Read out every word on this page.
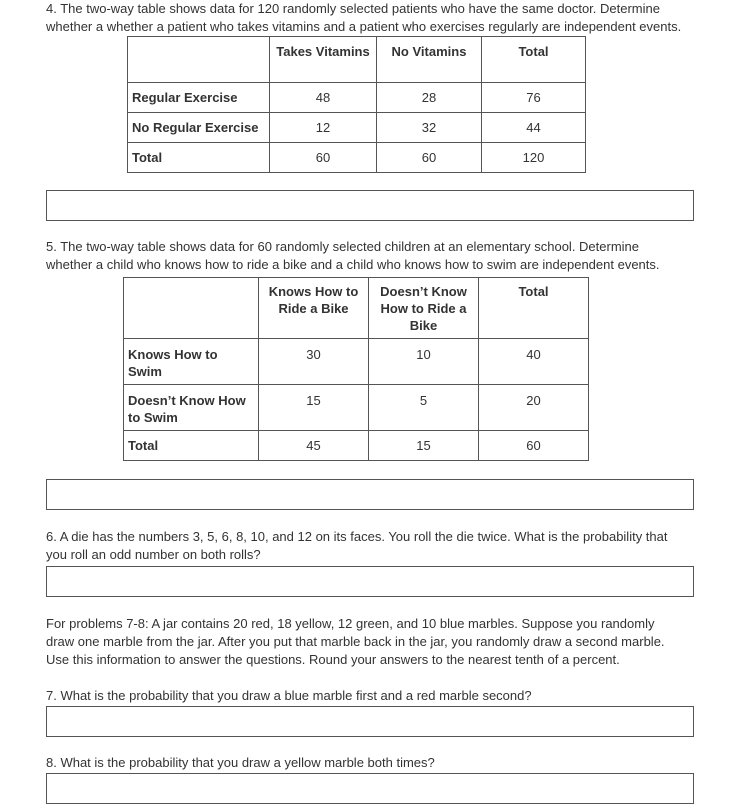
4. The two-way table shows data for 120 randomly selected patients who have the same doctor. Determine
whether a whether a patient who takes vitamins and a patient who exercises regularly are independent events.

	Takes Vitamins	No Vitamins	Total

Regular Exercise	48	28	76

No Regular Exercise	12	32	44

Total	60	60	120

5. The two-way table shows data for 60 randomly selected children at an elementary school. Determine
whether a child who knows how to ride a bike and a child who knows how to swim are independent events.

	Knows How to Ride a Bike	Doesn’t Know How to Ride a Bike	Total

Knows How to Swim	30	10	40

Doesn’t Know How to Swim	15	5	20

Total	45	15	60

6. A die has the numbers 3, 5, 6, 8, 10, and 12 on its faces. You roll the die twice. What is the probability that
you roll an odd number on both rolls?

For problems 7-8: A jar contains 20 red, 18 yellow, 12 green, and 10 blue marbles. Suppose you randomly
draw one marble from the jar. After you put that marble back in the jar, you randomly draw a second marble.
Use this information to answer the questions. Round your answers to the nearest tenth of a percent.

7. What is the probability that you draw a blue marble first and a red marble second?

8. What is the probability that you draw a yellow marble both times?
